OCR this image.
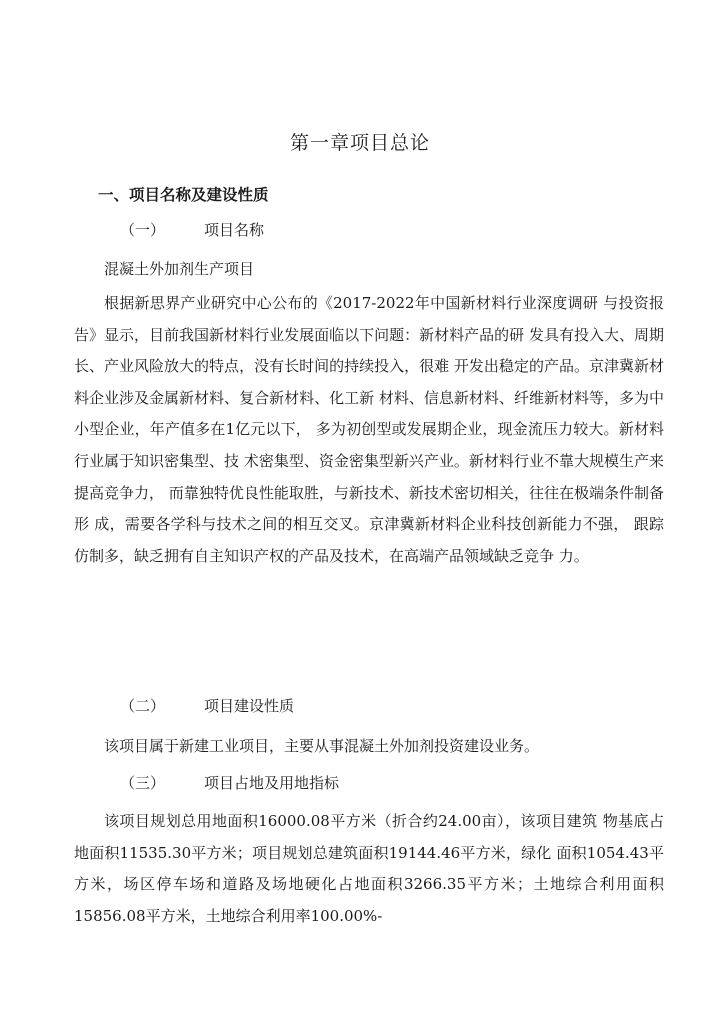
第一章项目总论
一、项目名称及建设性质
（一）	项目名称
混凝土外加剂生产项目
根据新思界产业研究中心公布的《2017-2022年中国新材料行业深度调研 与投资报告》显示，目前我国新材料行业发展面临以下问题：新材料产品的研 发具有投入大、周期长、产业风险放大的特点，没有长时间的持续投入，很难 开发出稳定的产品。京津冀新材料企业涉及金属新材料、复合新材料、化工新 材料、信息新材料、纤维新材料等，多为中小型企业，年产值多在1亿元以下， 多为初创型或发展期企业，现金流压力较大。新材料行业属于知识密集型、技 术密集型、资金密集型新兴产业。新材料行业不靠大规模生产来提高竞争力， 而靠独特优良性能取胜，与新技术、新技术密切相关，往往在极端条件制备形 成，需要各学科与技术之间的相互交叉。京津冀新材料企业科技创新能力不强， 跟踪仿制多，缺乏拥有自主知识产权的产品及技术，在高端产品领域缺乏竞争 力。
（二）	项目建设性质
该项目属于新建工业项目，主要从事混凝土外加剂投资建设业务。
（三）	项目占地及用地指标
该项目规划总用地面积16000.08平方米（折合约24.00亩），该项目建筑 物基底占地面积11535.30平方米；项目规划总建筑面积19144.46平方米，绿化 面积1054.43平方米，场区停车场和道路及场地硬化占地面积3266.35平方米；土地综合利用面积15856.08平方米，土地综合利用率100.00%-
